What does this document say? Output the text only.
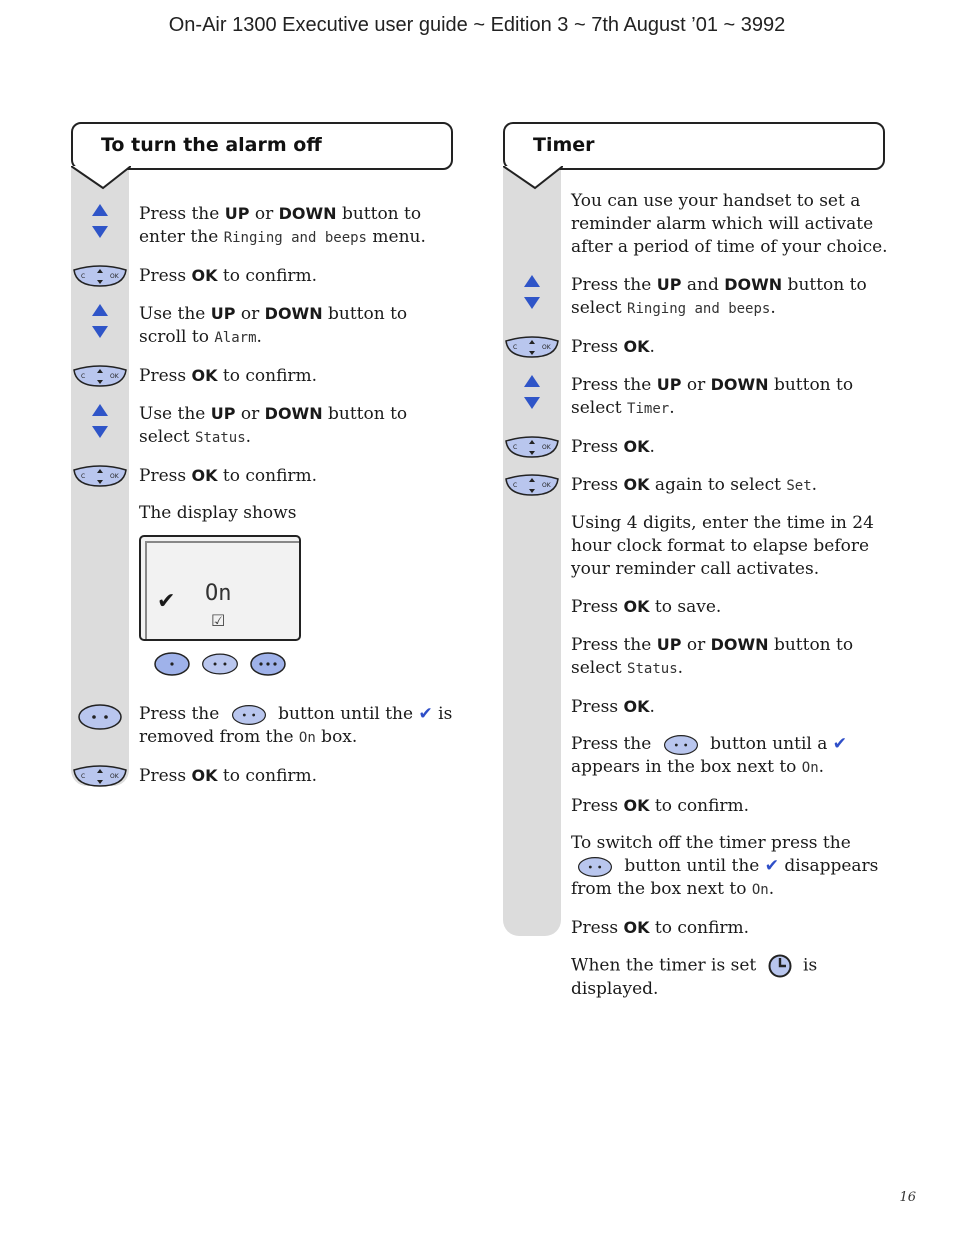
On-Air 1300 Executive user guide ~ Edition 3 ~ 7th August ’01 ~ 3992
To turn the alarm off
Press the UP or DOWN button to enter the Ringing and beeps menu.
Press OK to confirm.
Use the UP or DOWN button to scroll to Alarm.
Press OK to confirm.
Use the UP or DOWN button to select Status.
Press OK to confirm.
The display shows
✔ On
☑
Press the	button until the ✔ is removed from the On box.
Press OK to confirm.
Timer
You can use your handset to set a reminder alarm which will activate after a period of time of your choice.
Press the UP and DOWN button to select Ringing and beeps.
Press OK.
Press the UP or DOWN button to select Timer.
Press OK.
Press OK again to select Set.
Using 4 digits, enter the time in 24 hour clock format to elapse before your reminder call activates.
Press OK to save.
Press the UP or DOWN button to select Status.
Press OK.
Press the	button until a ✔ appears in the box next to On.
Press OK to confirm.
To switch off the timer press the  button until the ✔ disappears from the box next to On.
Press OK to confirm.
When the timer is set  is displayed.
16
